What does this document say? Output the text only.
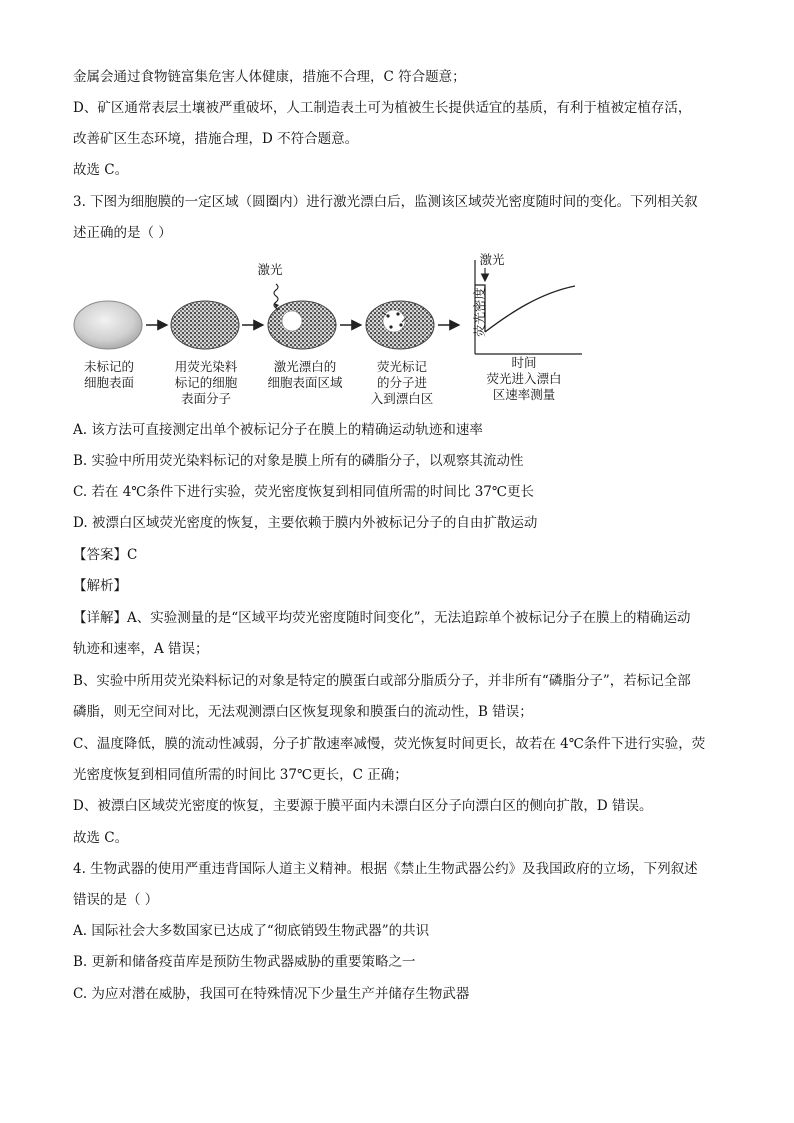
金属会通过食物链富集危害人体健康，措施不合理，C 符合题意；
D、矿区通常表层土壤被严重破坏，人工制造表土可为植被生长提供适宜的基质，有利于植被定植存活，
改善矿区生态环境，措施合理，D 不符合题意。
故选 C。
3. 下图为细胞膜的一定区域（圆圈内）进行激光漂白后，监测该区域荧光密度随时间的变化。下列相关叙
述正确的是（ ）
激光
激光
荧光密度
未标记的
细胞表面
用荧光染料
标记的细胞
表面分子
激光漂白的
细胞表面区域
荧光标记
的分子进
入到漂白区
时间
荧光进入漂白
区速率测量
A. 该方法可直接测定出单个被标记分子在膜上的精确运动轨迹和速率
B. 实验中所用荧光染料标记的对象是膜上所有的磷脂分子，以观察其流动性
C. 若在 4℃条件下进行实验，荧光密度恢复到相同值所需的时间比 37℃更长
D. 被漂白区域荧光密度的恢复，主要依赖于膜内外被标记分子的自由扩散运动
【答案】C
【解析】
【详解】A、实验测量的是“区域平均荧光密度随时间变化”，无法追踪单个被标记分子在膜上的精确运动
轨迹和速率，A 错误；
B、实验中所用荧光染料标记的对象是特定的膜蛋白或部分脂质分子，并非所有“磷脂分子”，若标记全部
磷脂，则无空间对比，无法观测漂白区恢复现象和膜蛋白的流动性，B 错误；
C、温度降低，膜的流动性减弱，分子扩散速率减慢，荧光恢复时间更长，故若在 4℃条件下进行实验，荧
光密度恢复到相同值所需的时间比 37℃更长，C 正确；
D、被漂白区域荧光密度的恢复，主要源于膜平面内未漂白区分子向漂白区的侧向扩散，D 错误。
故选 C。
4. 生物武器的使用严重违背国际人道主义精神。根据《禁止生物武器公约》及我国政府的立场，下列叙述
错误的是（ ）
A. 国际社会大多数国家已达成了“彻底销毁生物武器”的共识
B. 更新和储备疫苗库是预防生物武器威胁的重要策略之一
C. 为应对潜在威胁，我国可在特殊情况下少量生产并储存生物武器
